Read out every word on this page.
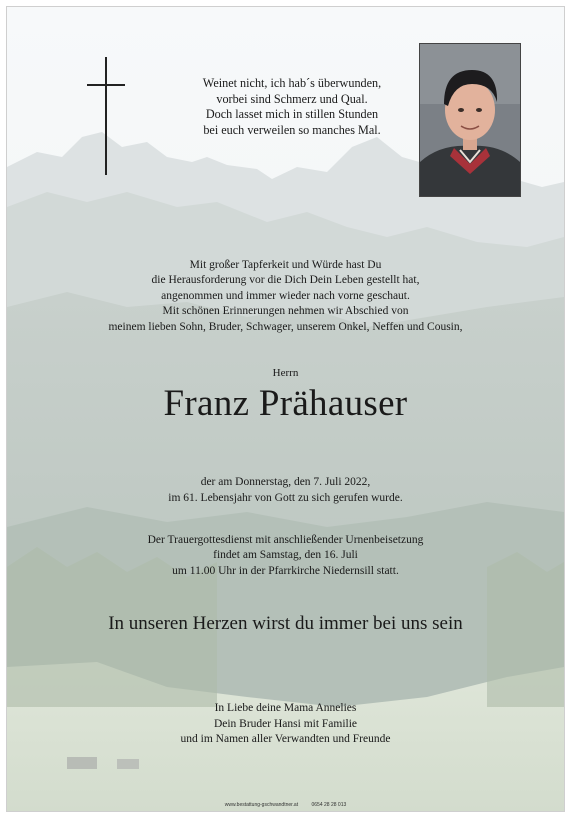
Weinet nicht, ich hab´s überwunden,
vorbei sind Schmerz und Qual.
Doch lasset mich in stillen Stunden
bei euch verweilen so manches Mal.
Mit großer Tapferkeit und Würde hast Du
die Herausforderung vor die Dich Dein Leben gestellt hat,
angenommen und immer wieder nach vorne geschaut.
Mit schönen Erinnerungen nehmen wir Abschied von
meinem lieben Sohn, Bruder, Schwager, unserem Onkel, Neffen und Cousin,
Herrn
Franz Prähauser
der am Donnerstag, den 7. Juli 2022,
im 61. Lebensjahr von Gott zu sich gerufen wurde.
Der Trauergottesdienst mit anschließender Urnenbeisetzung
findet am Samstag, den 16. Juli
um 11.00 Uhr in der Pfarrkirche Niedernsill statt.
In unseren Herzen wirst du immer bei uns sein
In Liebe deine Mama Annelies
Dein Bruder Hansi mit Familie
und im Namen aller Verwandten und Freunde
www.bestattung-gschwandtner.at	0654 28 28 013
